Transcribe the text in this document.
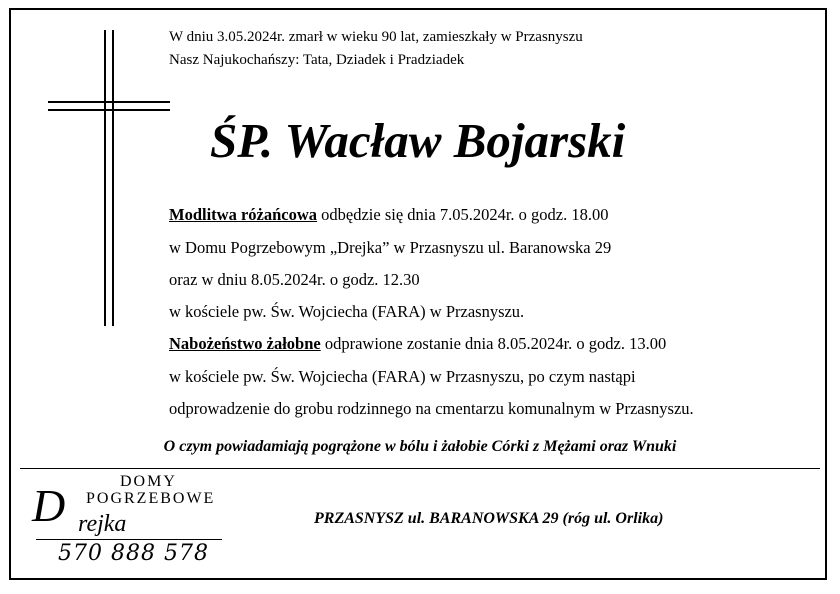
W dniu 3.05.2024r. zmarł w wieku 90 lat, zamieszkały w Przasnyszu
Nasz Najukochańszy: Tata, Dziadek i Pradziadek
ŚP. Wacław Bojarski
Modlitwa różańcowa odbędzie się dnia 7.05.2024r. o godz. 18.00
w Domu Pogrzebowym „Drejka” w Przasnyszu ul. Baranowska 29
oraz w dniu 8.05.2024r. o godz. 12.30
w kościele pw. Św. Wojciecha (FARA) w Przasnyszu.
Nabożeństwo żałobne odprawione zostanie dnia 8.05.2024r. o godz. 13.00
w kościele pw. Św. Wojciecha (FARA) w Przasnyszu, po czym nastąpi
odprowadzenie do grobu rodzinnego na cmentarzu komunalnym w Przasnyszu.
O czym powiadamiają pogrążone w bólu i żałobie Córki z Mężami oraz Wnuki
DOMY
POGRZEBOWE
D rejka
570 888 578
PRZASNYSZ ul. BARANOWSKA 29 (róg ul. Orlika)
